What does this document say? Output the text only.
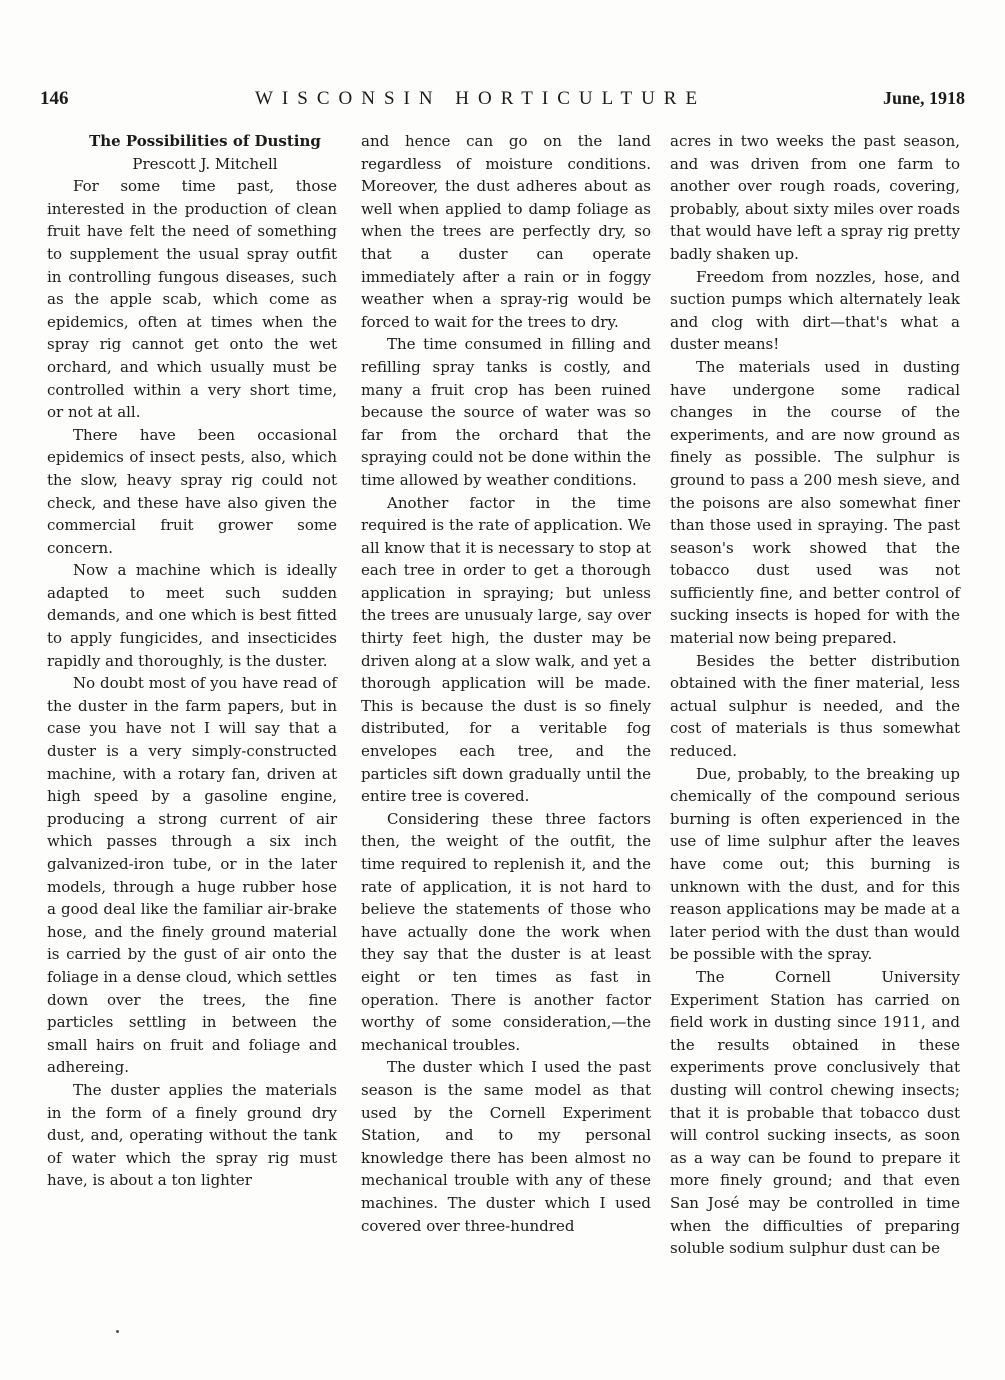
146	WISCONSIN HORTICULTURE	June, 1918

The Possibilities of Dusting

Prescott J. Mitchell

For some time past, those interested in the production of clean fruit have felt the need of something to supplement the usual spray outfit in controlling fungous diseases, such as the apple scab, which come as epidemics, often at times when the spray rig cannot get onto the wet orchard, and which usually must be controlled within a very short time, or not at all.

There have been occasional epidemics of insect pests, also, which the slow, heavy spray rig could not check, and these have also given the commercial fruit grower some concern.

Now a machine which is ideally adapted to meet such sudden demands, and one which is best fitted to apply fungicides, and insecticides rapidly and thoroughly, is the duster.

No doubt most of you have read of the duster in the farm papers, but in case you have not I will say that a duster is a very simply-constructed machine, with a rotary fan, driven at high speed by a gasoline engine, producing a strong current of air which passes through a six inch galvanized-iron tube, or in the later models, through a huge rubber hose a good deal like the familiar air-brake hose, and the finely ground material is carried by the gust of air onto the foliage in a dense cloud, which settles down over the trees, the fine particles settling in between the small hairs on fruit and foliage and adhereing.

The duster applies the materials in the form of a finely ground dry dust, and, operating without the tank of water which the spray rig must have, is about a ton lighter

and hence can go on the land regardless of moisture conditions. Moreover, the dust adheres about as well when applied to damp foliage as when the trees are perfectly dry, so that a duster can operate immediately after a rain or in foggy weather when a spray-rig would be forced to wait for the trees to dry.

The time consumed in filling and refilling spray tanks is costly, and many a fruit crop has been ruined because the source of water was so far from the orchard that the spraying could not be done within the time allowed by weather conditions.

Another factor in the time required is the rate of application. We all know that it is necessary to stop at each tree in order to get a thorough application in spraying; but unless the trees are unusualy large, say over thirty feet high, the duster may be driven along at a slow walk, and yet a thorough application will be made. This is because the dust is so finely distributed, for a veritable fog envelopes each tree, and the particles sift down gradually until the entire tree is covered.

Considering these three factors then, the weight of the outfit, the time required to replenish it, and the rate of application, it is not hard to believe the statements of those who have actually done the work when they say that the duster is at least eight or ten times as fast in operation. There is another factor worthy of some consideration,—the mechanical troubles.

The duster which I used the past season is the same model as that used by the Cornell Experiment Station, and to my personal knowledge there has been almost no mechanical trouble with any of these machines. The duster which I used covered over three-hundred

acres in two weeks the past season, and was driven from one farm to another over rough roads, covering, probably, about sixty miles over roads that would have left a spray rig pretty badly shaken up.

Freedom from nozzles, hose, and suction pumps which alternately leak and clog with dirt—that's what a duster means!

The materials used in dusting have undergone some radical changes in the course of the experiments, and are now ground as finely as possible. The sulphur is ground to pass a 200 mesh sieve, and the poisons are also somewhat finer than those used in spraying. The past season's work showed that the tobacco dust used was not sufficiently fine, and better control of sucking insects is hoped for with the material now being prepared.

Besides the better distribution obtained with the finer material, less actual sulphur is needed, and the cost of materials is thus somewhat reduced.

Due, probably, to the breaking up chemically of the compound serious burning is often experienced in the use of lime sulphur after the leaves have come out; this burning is unknown with the dust, and for this reason applications may be made at a later period with the dust than would be possible with the spray.

The Cornell University Experiment Station has carried on field work in dusting since 1911, and the results obtained in these experiments prove conclusively that dusting will control chewing insects; that it is probable that tobacco dust will control sucking insects, as soon as a way can be found to prepare it more finely ground; and that even San José may be controlled in time when the difficulties of preparing soluble sodium sulphur dust can be
